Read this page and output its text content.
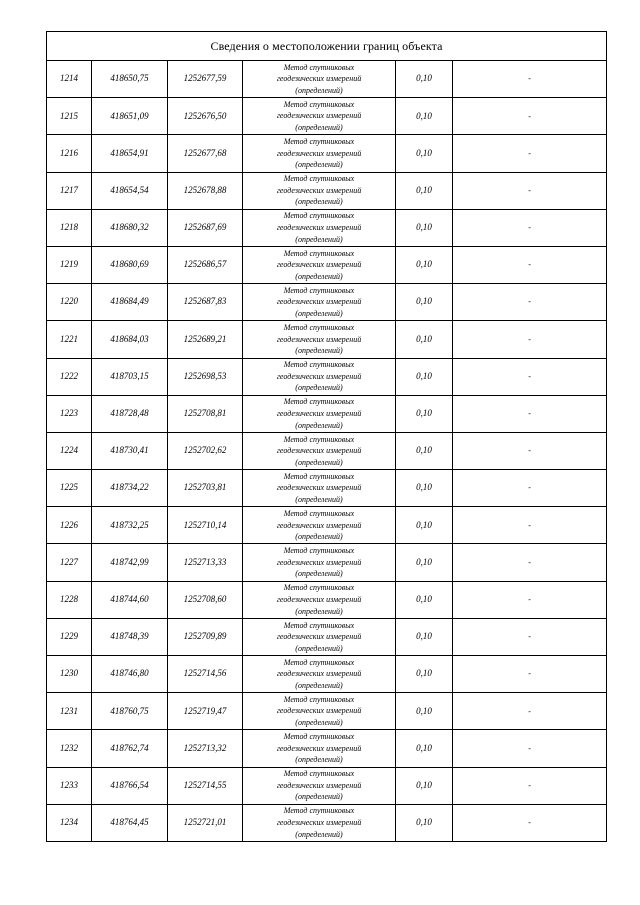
Сведения о местоположении границ объекта					
1214	418650,75	1252677,59	Метод спутниковых
геодезических измерений
(определений)	0,10	-
1215	418651,09	1252676,50	Метод спутниковых
геодезических измерений
(определений)	0,10	-
1216	418654,91	1252677,68	Метод спутниковых
геодезических измерений
(определений)	0,10	-
1217	418654,54	1252678,88	Метод спутниковых
геодезических измерений
(определений)	0,10	-
1218	418680,32	1252687,69	Метод спутниковых
геодезических измерений
(определений)	0,10	-
1219	418680,69	1252686,57	Метод спутниковых
геодезических измерений
(определений)	0,10	-
1220	418684,49	1252687,83	Метод спутниковых
геодезических измерений
(определений)	0,10	-
1221	418684,03	1252689,21	Метод спутниковых
геодезических измерений
(определений)	0,10	-
1222	418703,15	1252698,53	Метод спутниковых
геодезических измерений
(определений)	0,10	-
1223	418728,48	1252708,81	Метод спутниковых
геодезических измерений
(определений)	0,10	-
1224	418730,41	1252702,62	Метод спутниковых
геодезических измерений
(определений)	0,10	-
1225	418734,22	1252703,81	Метод спутниковых
геодезических измерений
(определений)	0,10	-
1226	418732,25	1252710,14	Метод спутниковых
геодезических измерений
(определений)	0,10	-
1227	418742,99	1252713,33	Метод спутниковых
геодезических измерений
(определений)	0,10	-
1228	418744,60	1252708,60	Метод спутниковых
геодезических измерений
(определений)	0,10	-
1229	418748,39	1252709,89	Метод спутниковых
геодезических измерений
(определений)	0,10	-
1230	418746,80	1252714,56	Метод спутниковых
геодезических измерений
(определений)	0,10	-
1231	418760,75	1252719,47	Метод спутниковых
геодезических измерений
(определений)	0,10	-
1232	418762,74	1252713,32	Метод спутниковых
геодезических измерений
(определений)	0,10	-
1233	418766,54	1252714,55	Метод спутниковых
геодезических измерений
(определений)	0,10	-
1234	418764,45	1252721,01	Метод спутниковых
геодезических измерений
(определений)	0,10	-
